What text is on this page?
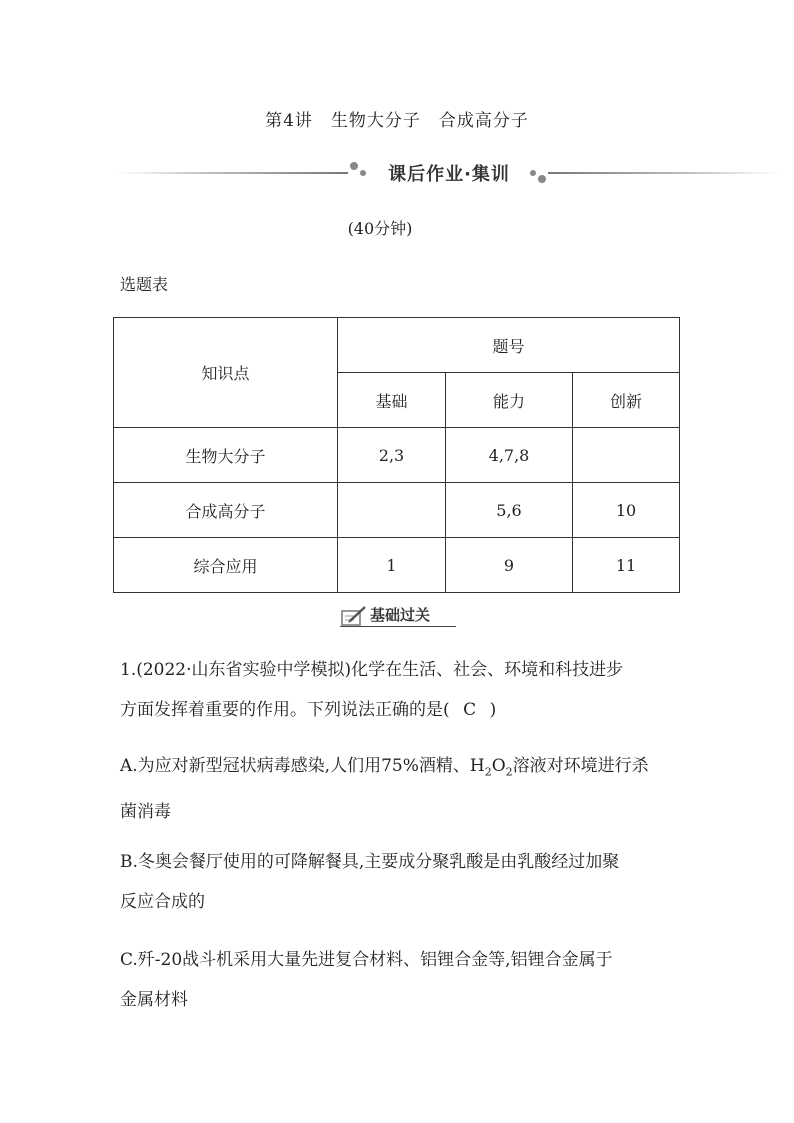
第4讲　生物大分子　合成高分子
课后作业·集训
(40分钟)
选题表
知识点	题号		
	基础	能力	创新
生物大分子	2,3	4,7,8	
合成高分子		5,6	10
综合应用	1	9	11
基础过关
1.(2022·山东省实验中学模拟)化学在生活、社会、环境和科技进步
方面发挥着重要的作用。下列说法正确的是( C )
A.为应对新型冠状病毒感染,人们用75%酒精、$H_2O_2$溶液对环境进行杀
菌消毒
B.冬奥会餐厅使用的可降解餐具,主要成分聚乳酸是由乳酸经过加聚
反应合成的
C.歼-20战斗机采用大量先进复合材料、铝锂合金等,铝锂合金属于
金属材料
